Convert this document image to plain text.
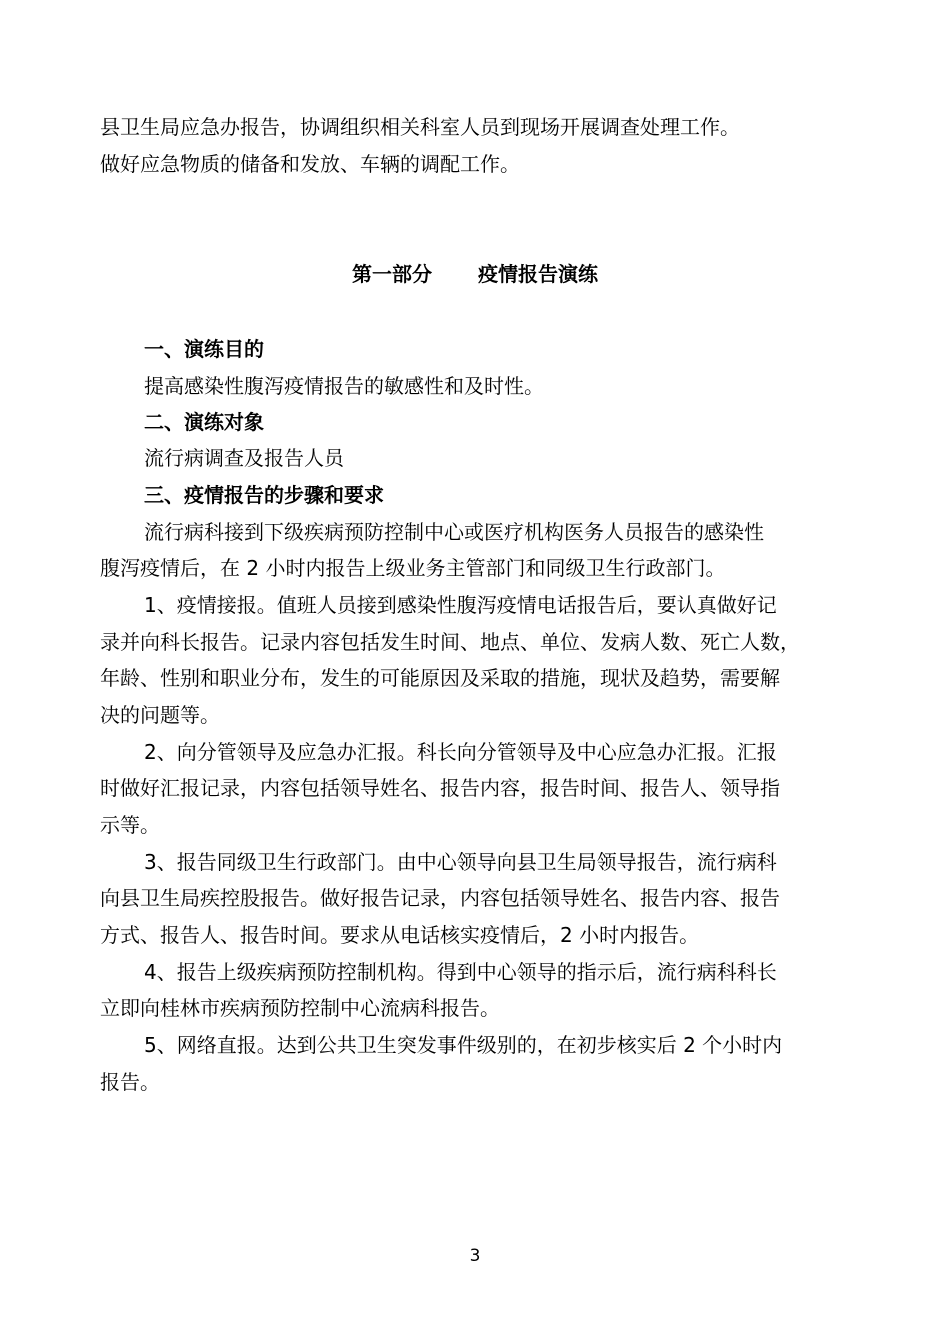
县卫生局应急办报告，协调组织相关科室人员到现场开展调查处理工作。
做好应急物质的储备和发放、车辆的调配工作。
第一部分 疫情报告演练
一、演练目的
提高感染性腹泻疫情报告的敏感性和及时性。
二、演练对象
流行病调查及报告人员
三、疫情报告的步骤和要求
流行病科接到下级疾病预防控制中心或医疗机构医务人员报告的感染性
腹泻疫情后，在 2 小时内报告上级业务主管部门和同级卫生行政部门。
1、疫情接报。值班人员接到感染性腹泻疫情电话报告后，要认真做好记
录并向科长报告。记录内容包括发生时间、地点、单位、发病人数、死亡人数，
年龄、性别和职业分布，发生的可能原因及采取的措施，现状及趋势，需要解
决的问题等。
2、向分管领导及应急办汇报。科长向分管领导及中心应急办汇报。汇报
时做好汇报记录，内容包括领导姓名、报告内容，报告时间、报告人、领导指
示等。
3、报告同级卫生行政部门。由中心领导向县卫生局领导报告，流行病科
向县卫生局疾控股报告。做好报告记录，内容包括领导姓名、报告内容、报告
方式、报告人、报告时间。要求从电话核实疫情后，2 小时内报告。
4、报告上级疾病预防控制机构。得到中心领导的指示后，流行病科科长
立即向桂林市疾病预防控制中心流病科报告。
5、网络直报。达到公共卫生突发事件级别的，在初步核实后 2 个小时内
报告。
3
